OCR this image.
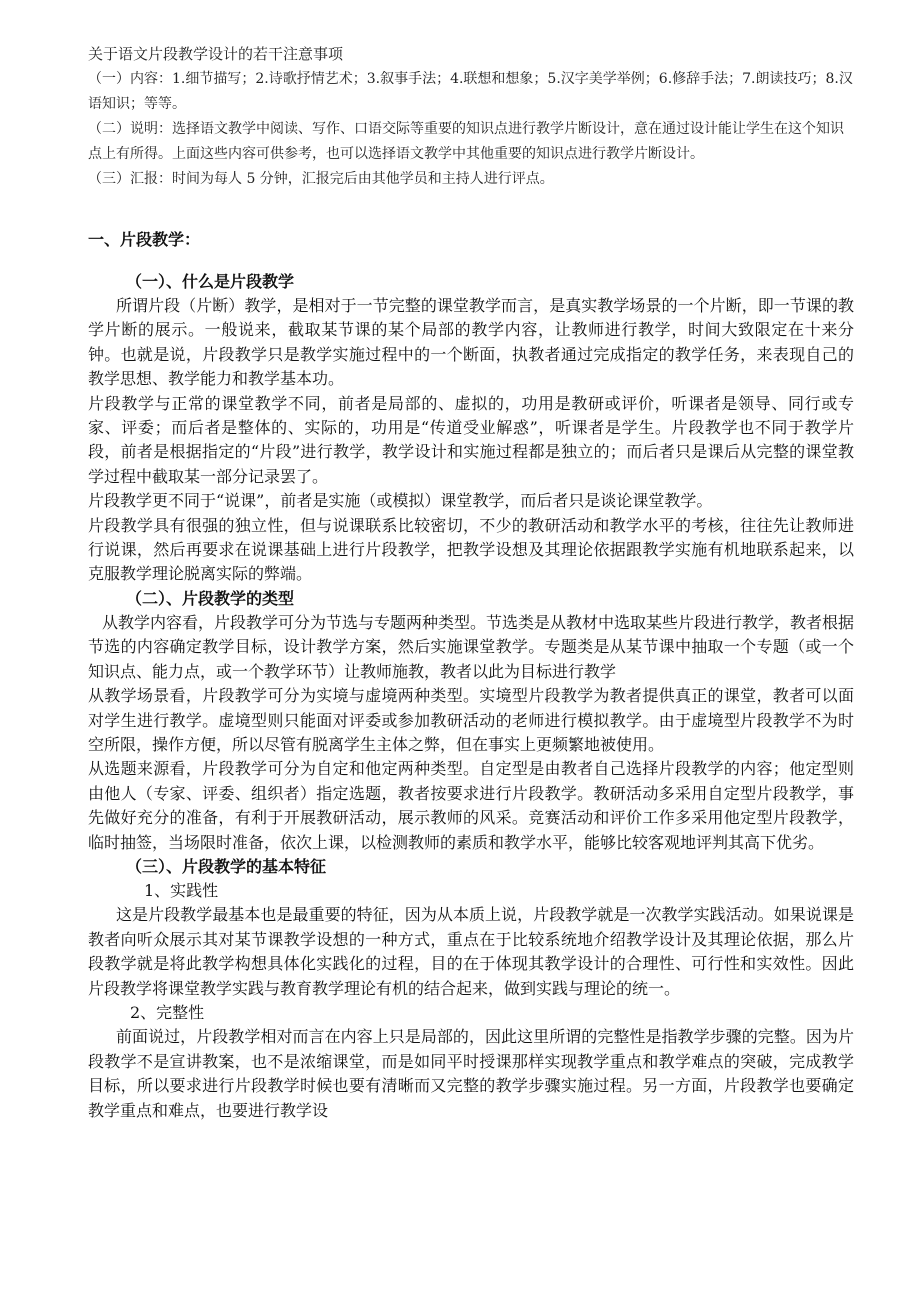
关于语文片段教学设计的若干注意事项
（一）内容：1.细节描写；2.诗歌抒情艺术；3.叙事手法；4.联想和想象；5.汉字美学举例；6.修辞手法；7.朗读技巧；8.汉语知识；等等。
（二）说明：选择语文教学中阅读、写作、口语交际等重要的知识点进行教学片断设计，意在通过设计能让学生在这个知识点上有所得。上面这些内容可供参考，也可以选择语文教学中其他重要的知识点进行教学片断设计。
（三）汇报：时间为每人 5 分钟，汇报完后由其他学员和主持人进行评点。
一、片段教学：
（一）、什么是片段教学

所谓片段（片断）教学，是相对于一节完整的课堂教学而言，是真实教学场景的一个片断，即一节课的教学片断的展示。一般说来，截取某节课的某个局部的教学内容，让教师进行教学，时间大致限定在十来分钟。也就是说，片段教学只是教学实施过程中的一个断面，执教者通过完成指定的教学任务，来表现自己的教学思想、教学能力和教学基本功。

片段教学与正常的课堂教学不同，前者是局部的、虚拟的，功用是教研或评价，听课者是领导、同行或专家、评委；而后者是整体的、实际的，功用是“传道受业解惑”，听课者是学生。片段教学也不同于教学片段，前者是根据指定的“片段”进行教学，教学设计和实施过程都是独立的；而后者只是课后从完整的课堂教学过程中截取某一部分记录罢了。

片段教学更不同于“说课”，前者是实施（或模拟）课堂教学，而后者只是谈论课堂教学。

片段教学具有很强的独立性，但与说课联系比较密切，不少的教研活动和教学水平的考核，往往先让教师进行说课，然后再要求在说课基础上进行片段教学，把教学设想及其理论依据跟教学实施有机地联系起来，以克服教学理论脱离实际的弊端。

（二）、片段教学的类型

从教学内容看，片段教学可分为节选与专题两种类型。节选类是从教材中选取某些片段进行教学，教者根据节选的内容确定教学目标，设计教学方案，然后实施课堂教学。专题类是从某节课中抽取一个专题（或一个知识点、能力点，或一个教学环节）让教师施教，教者以此为目标进行教学

从教学场景看，片段教学可分为实境与虚境两种类型。实境型片段教学为教者提供真正的课堂，教者可以面对学生进行教学。虚境型则只能面对评委或参加教研活动的老师进行模拟教学。由于虚境型片段教学不为时空所限，操作方便，所以尽管有脱离学生主体之弊，但在事实上更频繁地被使用。

从选题来源看，片段教学可分为自定和他定两种类型。自定型是由教者自己选择片段教学的内容；他定型则由他人（专家、评委、组织者）指定选题，教者按要求进行片段教学。教研活动多采用自定型片段教学，事先做好充分的准备，有利于开展教研活动，展示教师的风采。竞赛活动和评价工作多采用他定型片段教学，临时抽签，当场限时准备，依次上课，以检测教师的素质和教学水平，能够比较客观地评判其高下优劣。

（三）、片段教学的基本特征

1、实践性

这是片段教学最基本也是最重要的特征，因为从本质上说，片段教学就是一次教学实践活动。如果说课是教者向听众展示其对某节课教学设想的一种方式，重点在于比较系统地介绍教学设计及其理论依据，那么片段教学就是将此教学构想具体化实践化的过程，目的在于体现其教学设计的合理性、可行性和实效性。因此片段教学将课堂教学实践与教育教学理论有机的结合起来，做到实践与理论的统一。

2、完整性

前面说过，片段教学相对而言在内容上只是局部的，因此这里所谓的完整性是指教学步骤的完整。因为片段教学不是宣讲教案，也不是浓缩课堂，而是如同平时授课那样实现教学重点和教学难点的突破，完成教学目标，所以要求进行片段教学时候也要有清晰而又完整的教学步骤实施过程。另一方面，片段教学也要确定教学重点和难点，也要进行教学设
